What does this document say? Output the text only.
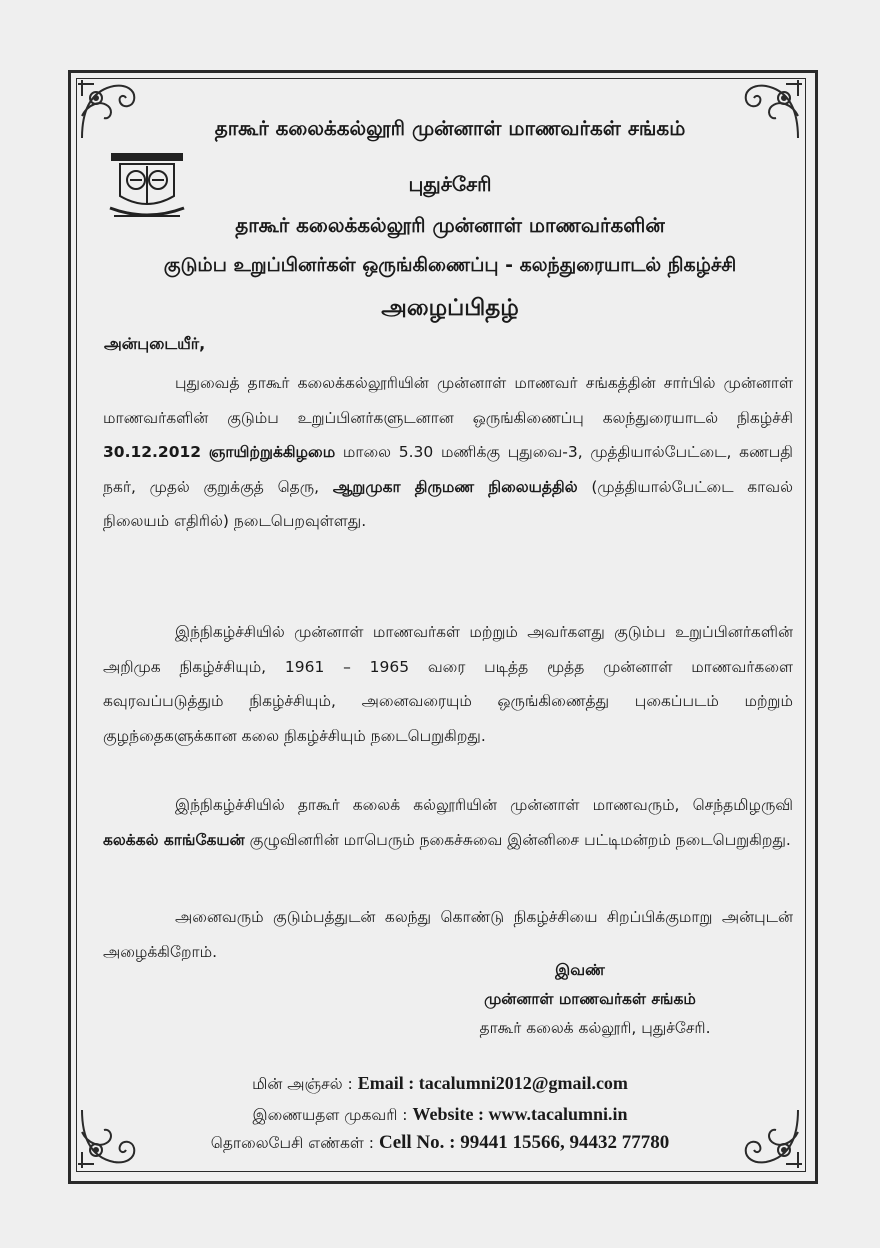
தாகூர் கலைக்கல்லூரி முன்னாள் மாணவர்கள் சங்கம்
புதுச்சேரி
தாகூர் கலைக்கல்லூரி முன்னாள் மாணவர்களின்
குடும்ப உறுப்பினர்கள் ஒருங்கிணைப்பு - கலந்துரையாடல் நிகழ்ச்சி
அழைப்பிதழ்
அன்புடையீர்,
புதுவைத் தாகூர் கலைக்கல்லூரியின் முன்னாள் மாணவர் சங்கத்தின் சார்பில் முன்னாள் மாணவர்களின் குடும்ப உறுப்பினர்களுடனான ஒருங்கிணைப்பு கலந்துரையாடல் நிகழ்ச்சி 30.12.2012 ஞாயிற்றுக்கிழமை மாலை 5.30 மணிக்கு புதுவை-3, முத்தியால்பேட்டை, கணபதி நகர், முதல் குறுக்குத் தெரு, ஆறுமுகா திருமண நிலையத்தில் (முத்தியால்பேட்டை காவல் நிலையம் எதிரில்) நடைபெறவுள்ளது.
இந்நிகழ்ச்சியில் முன்னாள் மாணவர்கள் மற்றும் அவர்களது குடும்ப உறுப்பினர்களின் அறிமுக நிகழ்ச்சியும், 1961 – 1965 வரை படித்த மூத்த முன்னாள் மாணவர்களை கவுரவப்படுத்தும் நிகழ்ச்சியும், அனைவரையும் ஒருங்கிணைத்து புகைப்படம் மற்றும் குழந்தைகளுக்கான கலை நிகழ்ச்சியும் நடைபெறுகிறது.
இந்நிகழ்ச்சியில் தாகூர் கலைக் கல்லூரியின் முன்னாள் மாணவரும், செந்தமிழருவி கலக்கல் காங்கேயன் குழுவினரின் மாபெரும் நகைச்சுவை இன்னிசை பட்டிமன்றம் நடைபெறுகிறது.
அனைவரும் குடும்பத்துடன் கலந்து கொண்டு நிகழ்ச்சியை சிறப்பிக்குமாறு அன்புடன் அழைக்கிறோம்.
இவண்
முன்னாள் மாணவர்கள் சங்கம்
தாகூர் கலைக் கல்லூரி, புதுச்சேரி.
மின் அஞ்சல் : Email : tacalumni2012@gmail.com
இணையதள முகவரி : Website : www.tacalumni.in
தொலைபேசி எண்கள் : Cell No. : 99441 15566, 94432 77780
